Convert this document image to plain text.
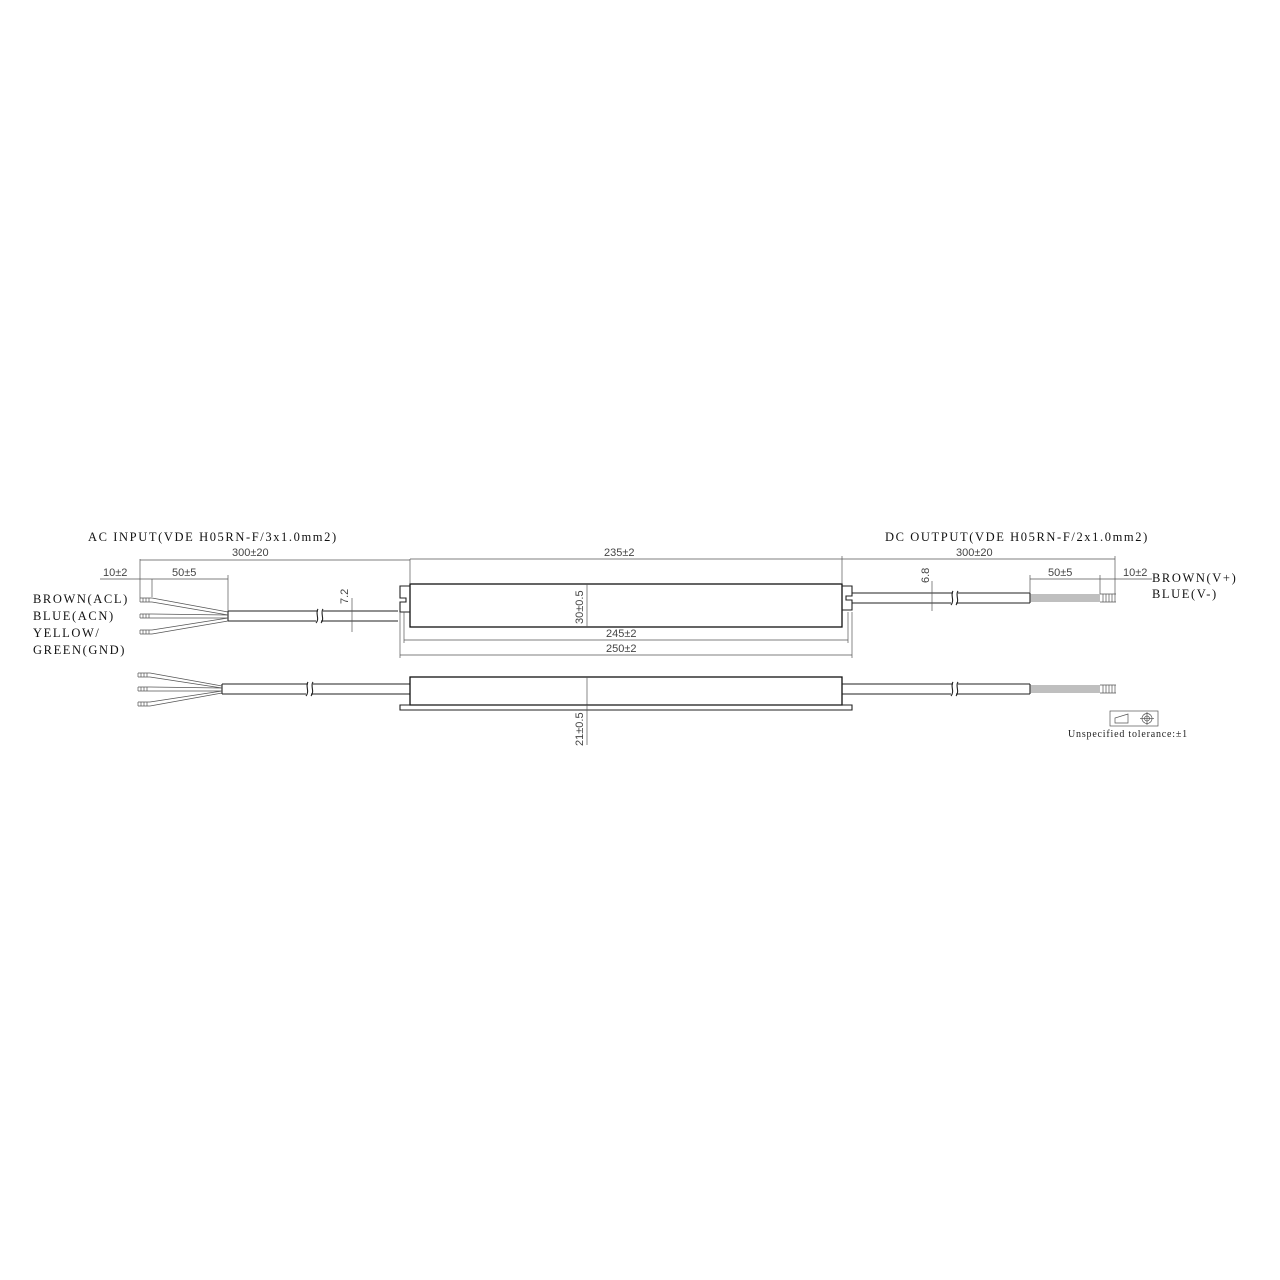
300±20
10±2	50±5
7.2
235±2
30±0.5
245±2
250±2
300±20
6.8	50±5	10±2
21±0.5
AC INPUT(VDE H05RN-F/3x1.0mm2)
BROWN(ACL)
BLUE(ACN)
YELLOW/
GREEN(GND)
DC OUTPUT(VDE H05RN-F/2x1.0mm2)
BROWN(V+)
BLUE(V-)
Unspecified tolerance:±1
